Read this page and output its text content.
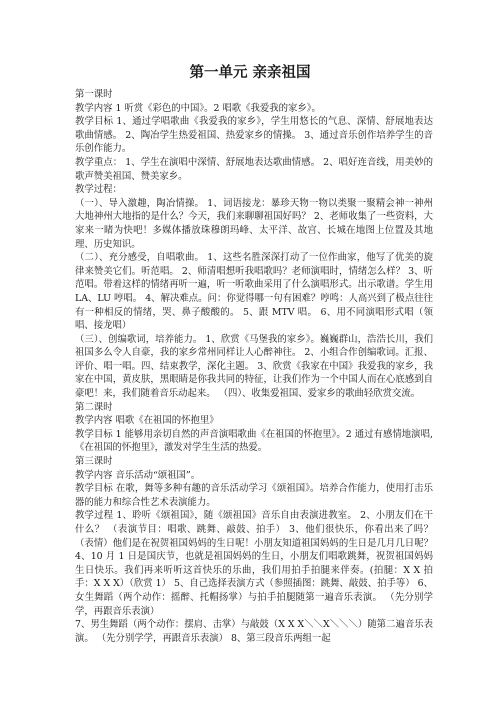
第一单元 亲亲祖国

第一课时

教学内容 1 听赏《彩色的中国》。2 唱歌《我爱我的家乡》。

教学目标 1、通过学唱歌曲《我爱我的家乡》，学生用悠长的气息、深情、舒展地表达歌曲情感。 2、陶冶学生热爱祖国、热爱家乡的情操。 3、通过音乐创作培养学生的音乐创作能力。

教学重点： 1、学生在演唱中深情、舒展地表达歌曲情感。 2、唱好连音线，用美妙的歌声赞美祖国、赞美家乡。

教学过程：

（一）、导入激趣，陶冶情操。 1、词语接龙：暴珍天物一物以类聚一聚精会神一神州大地神州大地指的是什么？今天，我们来聊聊祖国好吗？ 2、老师收集了一些资料，大家来一睹为快吧！多媒体播放珠穆朗玛峰、太平洋、故宫、长城在地图上位置及其地理、历史知识。

（二）、充分感受，自唱歌曲。 1、这些名胜深深打动了一位作曲家，他写了优美的旋律来赞美它们。听范唱。 2、师清唱想听我唱歌吗？老师演唱时，情绪怎么样？ 3、听范唱。带着这样的情绪再听一遍，听一听歌曲采用了什么演唱形式。出示歌谱。学生用 LA、LU 哼唱。 4、解决难点。问：你觉得哪一句有困难？哼鸣：人高兴到了极点往往有一种相反的情绪，哭、鼻子酸酸的。 5、跟 MTV 唱。 6、用不同演唱形式唱（领唱、接龙唱）

（三）、创编歌词，培养能力。 1、欣赏《马堡我的家乡》。巍巍群山，浩浩长川，我们祖国多么令人自豪，我的家乡常州同样让人心醉神往。 2、小组合作创编歌词。汇报、评价、唱一唱。四、结束教学，深化主题。 3、欣赏《我家在中国》我爱我的家乡，我家在中国，黄皮肤，黑眼睛是你我共同的特征，让我们作为一个中国人而在心底感到自豪吧！来，我们随着音乐动起来。 （四）、收集爱祖国、爱家乡的歌曲轻欣赏交流。

第二课时

教学内容 唱歌《在祖国的怀抱里》

教学目标 1 能够用亲切自然的声音演唱歌曲《在祖国的怀抱里》。2 通过有感情地演唱,《在祖国的怀抱里》，激发对学生生活的热爱。

第三课时

教学内容 音乐活动“颂祖国”。

教学目标 在歌，舞等多种有趣的音乐活动学习《颂祖国》。培养合作能力，使用打击乐器的能力和综合性艺术表演能力。

教学过程 1、聆听《颂祖国》，随《颂祖国》音乐自由表演进教室。 2、小朋友们在干什么？ （表演节目：唱歌、跳舞、敲鼓、拍手） 3、他们很快乐，你看出来了吗？（表情）他们是在祝贺祖国妈妈的生日呢！小朋友知道祖国妈妈的生日是几月几日呢？ 4、10 月 1 日是国庆节，也就是祖国妈妈的生日，小朋友们唱歌跳舞，祝贺祖国妈妈生日快乐。我们再来听听这首快乐的乐曲，我们用拍手拍腿来伴奏。(拍腿：X X 拍手：X X X）（欣赏 1） 5、自己选择表演方式（参照插图：跳舞、敲鼓、拍手等） 6、女生舞蹈（两个动作：摇醉、托帽扬掌）与拍手拍腿随第一遍音乐表演。 （先分别学学，再跟音乐表演）

7、男生舞蹈（两个动作：摆肩、击掌）与敲鼓（X X X＼＼X＼＼＼）随第二遍音乐表演。 （先分别学学，再跟音乐表演） 8、第三段音乐两组一起
